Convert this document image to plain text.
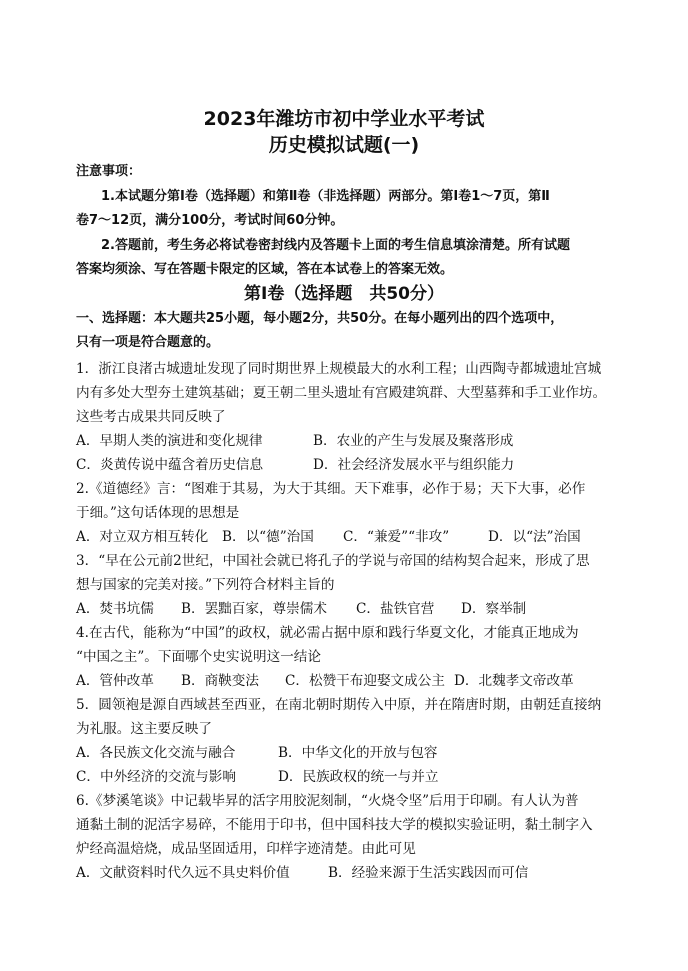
2023年潍坊市初中学业水平考试
历史模拟试题(一)
注意事项：
1.本试题分第Ⅰ卷（选择题）和第Ⅱ卷（非选择题）两部分。第Ⅰ卷1～7页，第Ⅱ
卷7～12页，满分100分，考试时间60分钟。
2.答题前，考生务必将试卷密封线内及答题卡上面的考生信息填涂清楚。所有试题
答案均须涂、写在答题卡限定的区域，答在本试卷上的答案无效。
第Ⅰ卷（选择题　共50分）
一、选择题：本大题共25小题，每小题2分，共50分。在每小题列出的四个选项中，
只有一项是符合题意的。
1．浙江良渚古城遗址发现了同时期世界上规模最大的水利工程；山西陶寺都城遗址宫城
内有多处大型夯土建筑基础；夏王朝二里头遗址有宫殿建筑群、大型墓葬和手工业作坊。
这些考古成果共同反映了
A．早期人类的演进和变化规律	B．农业的产生与发展及聚落形成
C．炎黄传说中蕴含着历史信息	D．社会经济发展水平与组织能力
2.《道德经》言：“图难于其易，为大于其细。天下难事，必作于易；天下大事，必作
于细。”这句话体现的思想是
A．对立双方相互转化 B．以“德”治国 C．“兼爱”“非攻”	D．以“法”治国
3．“早在公元前2世纪，中国社会就已将孔子的学说与帝国的结构契合起来，形成了思
想与国家的完美对接。”下列符合材料主旨的
A．焚书坑儒 B．罢黜百家，尊崇儒术 C．盐铁官营 D．察举制
4.在古代，能称为“中国”的政权，就必需占据中原和践行华夏文化，才能真正地成为
“中国之主”。下面哪个史实说明这一结论
A．管仲改革 B．商鞅变法 C．松赞干布迎娶文成公主 D．北魏孝文帝改革
5．圆领袍是源自西域甚至西亚，在南北朝时期传入中原，并在隋唐时期，由朝廷直接纳
为礼服。这主要反映了
A．各民族文化交流与融合	B．中华文化的开放与包容
C．中外经济的交流与影响	D．民族政权的统一与并立
6.《梦溪笔谈》中记载毕昇的活字用胶泥刻制，“火烧令坚”后用于印刷。有人认为普
通黏土制的泥活字易碎，不能用于印书，但中国科技大学的模拟实验证明，黏土制字入
炉经高温焙烧，成品坚固适用，印样字迹清楚。由此可见
A．文献资料时代久远不具史料价值	B．经验来源于生活实践因而可信
